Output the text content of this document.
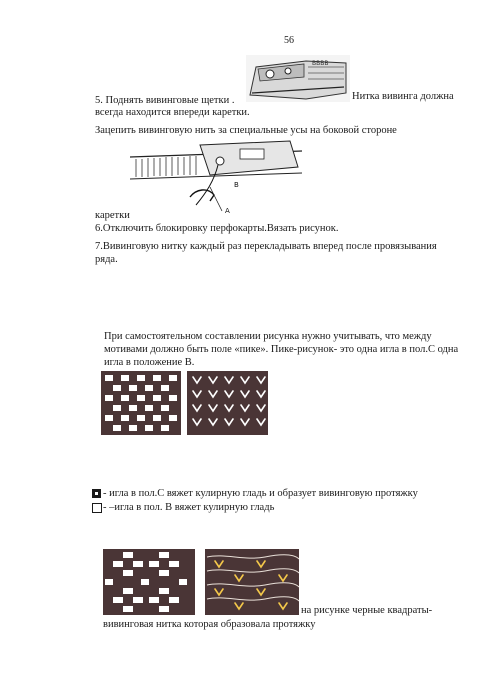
56
ВВВВ
5. Поднять вивинговые щетки .	Нитка вивинга должна
всегда находится впереди каретки.
Зацепить вивинговую нить за специальные усы на боковой стороне
A
B
каретки
6.Отключить блокировку перфокарты.Вязать рисунок.
7.Вивинговую нитку каждый раз перекладывать вперед после провязывания
ряда.
При самостоятельном составлении рисунка нужно учитывать, что между
мотивами должно быть поле «пике». Пике-рисунок- это одна игла в пол.С одна
игла в положение В.
- игла в пол.С вяжет кулирную гладь и образует вивинговую протяжку
- –игла в пол. В вяжет кулирную гладь
на рисунке черные квадраты-
вивинговая нитка которая образовала протяжку
